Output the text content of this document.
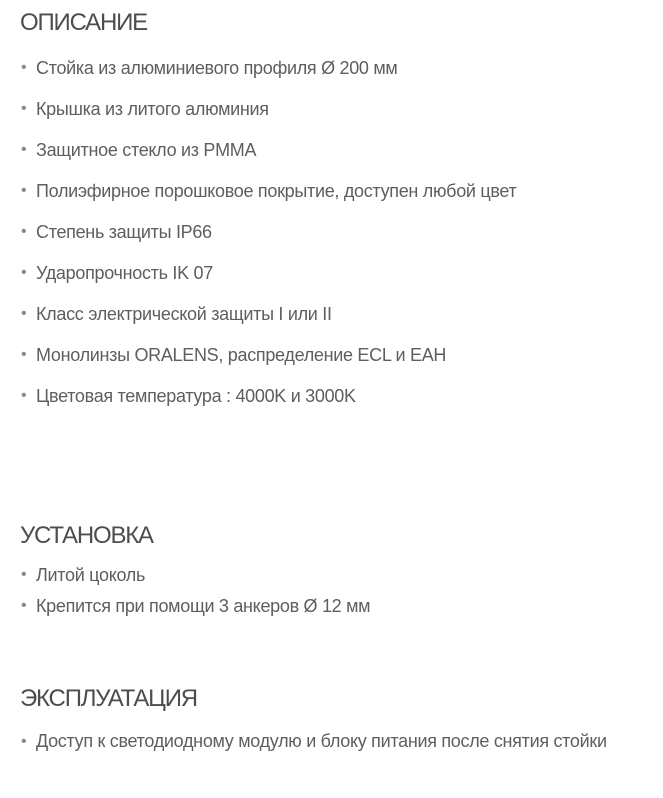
ОПИСАНИЕ
• Стойка из алюминиевого профиля Ø 200 мм
• Крышка из литого алюминия
• Защитное стекло из PMMA
• Полиэфирное порошковое покрытие, доступен любой цвет
• Степень защиты IP66
• Ударопрочность IK 07
• Класс электрической защиты I или II
• Монолинзы ORALENS, распределение ECL и EAH
• Цветовая температура : 4000K и 3000K
УСТАНОВКА
• Литой цоколь
• Крепится при помощи 3 анкеров Ø 12 мм
ЭКСПЛУАТАЦИЯ
• Доступ к светодиодному модулю и блоку питания после снятия стойки
